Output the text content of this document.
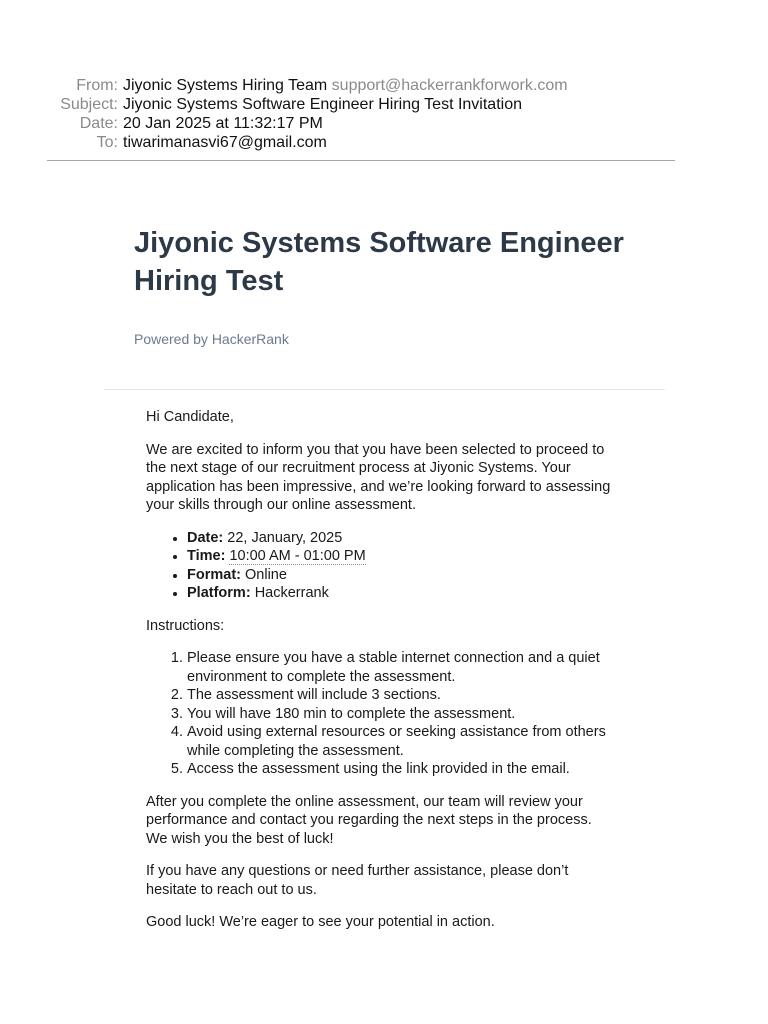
From: Jiyonic Systems Hiring Team support@hackerrankforwork.com
Subject: Jiyonic Systems Software Engineer Hiring Test Invitation
Date: 20 Jan 2025 at 11:32:17 PM
To: tiwarimanasvi67@gmail.com
Jiyonic Systems Software Engineer Hiring Test
Powered by HackerRank

Hi Candidate,

We are excited to inform you that you have been selected to proceed to the next stage of our recruitment process at Jiyonic Systems. Your application has been impressive, and we’re looking forward to assessing your skills through our online assessment.

• Date: 22, January, 2025
• Time: 10:00 AM - 01:00 PM
• Format: Online
• Platform: Hackerrank

Instructions:

1. Please ensure you have a stable internet connection and a quiet environment to complete the assessment.
2. The assessment will include 3 sections.
3. You will have 180 min to complete the assessment.
4. Avoid using external resources or seeking assistance from others while completing the assessment.
5. Access the assessment using the link provided in the email.

After you complete the online assessment, our team will review your performance and contact you regarding the next steps in the process. We wish you the best of luck!

If you have any questions or need further assistance, please don’t hesitate to reach out to us.

Good luck! We’re eager to see your potential in action.
